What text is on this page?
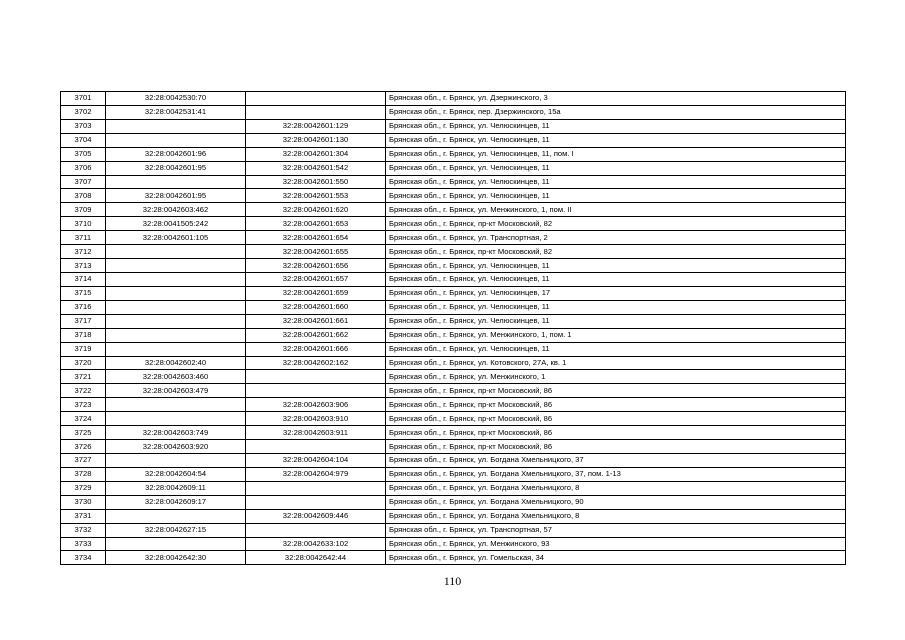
3701	32:28:0042530:70		Брянская обл., г. Брянск, ул. Дзержинского, 3
3702	32:28:0042531:41		Брянская обл., г. Брянск, пер. Дзержинского, 15а
3703		32:28:0042601:129	Брянская обл., г. Брянск, ул. Челюскинцев, 11
3704		32:28:0042601:130	Брянская обл., г. Брянск, ул. Челюскинцев, 11
3705	32:28:0042601:96	32:28:0042601:304	Брянская обл., г. Брянск, ул. Челюскинцев, 11, пом. I
3706	32:28:0042601:95	32:28:0042601:542	Брянская обл., г. Брянск, ул. Челюскинцев, 11
3707		32:28:0042601:550	Брянская обл., г. Брянск, ул. Челюскинцев, 11
3708	32:28:0042601:95	32:28:0042601:553	Брянская обл., г. Брянск, ул. Челюскинцев, 11
3709	32:28:0042603:462	32:28:0042601:620	Брянская обл., г. Брянск, ул. Менжинского, 1, пом. II
3710	32:28:0041505:242	32:28:0042601:653	Брянская обл., г. Брянск, пр-кт Московский, 82
3711	32:28:0042601:105	32:28:0042601:654	Брянская обл., г. Брянск, ул. Транспортная, 2
3712		32:28:0042601:655	Брянская обл., г. Брянск, пр-кт Московский, 82
3713		32:28:0042601:656	Брянская обл., г. Брянск, ул. Челюскинцев, 11
3714		32:28:0042601:657	Брянская обл., г. Брянск, ул. Челюскинцев, 11
3715		32:28:0042601:659	Брянская обл., г. Брянск, ул. Челюскинцев, 17
3716		32:28:0042601:660	Брянская обл., г. Брянск, ул. Челюскинцев, 11
3717		32:28:0042601:661	Брянская обл., г. Брянск, ул. Челюскинцев, 11
3718		32:28:0042601:662	Брянская обл., г. Брянск, ул. Менжинского, 1, пом. 1
3719		32:28:0042601:666	Брянская обл., г. Брянск, ул. Челюскинцев, 11
3720	32:28:0042602:40	32:28:0042602:162	Брянская обл., г. Брянск, ул. Котовского, 27А, кв. 1
3721	32:28:0042603:460		Брянская обл., г. Брянск, ул. Менжинского, 1
3722	32:28:0042603:479		Брянская обл., г. Брянск, пр-кт Московский, 86
3723		32:28:0042603:906	Брянская обл., г. Брянск, пр-кт Московский, 86
3724		32:28:0042603:910	Брянская обл., г. Брянск, пр-кт Московский, 86
3725	32:28:0042603:749	32:28:0042603:911	Брянская обл., г. Брянск, пр-кт Московский, 86
3726	32:28:0042603:920		Брянская обл., г. Брянск, пр-кт Московский, 86
3727		32:28:0042604:104	Брянская обл., г. Брянск, ул. Богдана Хмельницкого, 37
3728	32:28:0042604:54	32:28:0042604:979	Брянская обл., г. Брянск, ул. Богдана Хмельницкого, 37, пом. 1-13
3729	32:28:0042609:11		Брянская обл., г. Брянск, ул. Богдана Хмельницкого, 8
3730	32:28:0042609:17		Брянская обл., г. Брянск, ул. Богдана Хмельницкого, 90
3731		32:28:0042609:446	Брянская обл., г. Брянск, ул. Богдана Хмельницкого, 8
3732	32:28:0042627:15		Брянская обл., г. Брянск, ул. Транспортная, 57
3733		32:28:0042633:102	Брянская обл., г. Брянск, ул. Менжинского, 93
3734	32:28:0042642:30	32:28:0042642:44	Брянская обл., г. Брянск, ул. Гомельская, 34
110
